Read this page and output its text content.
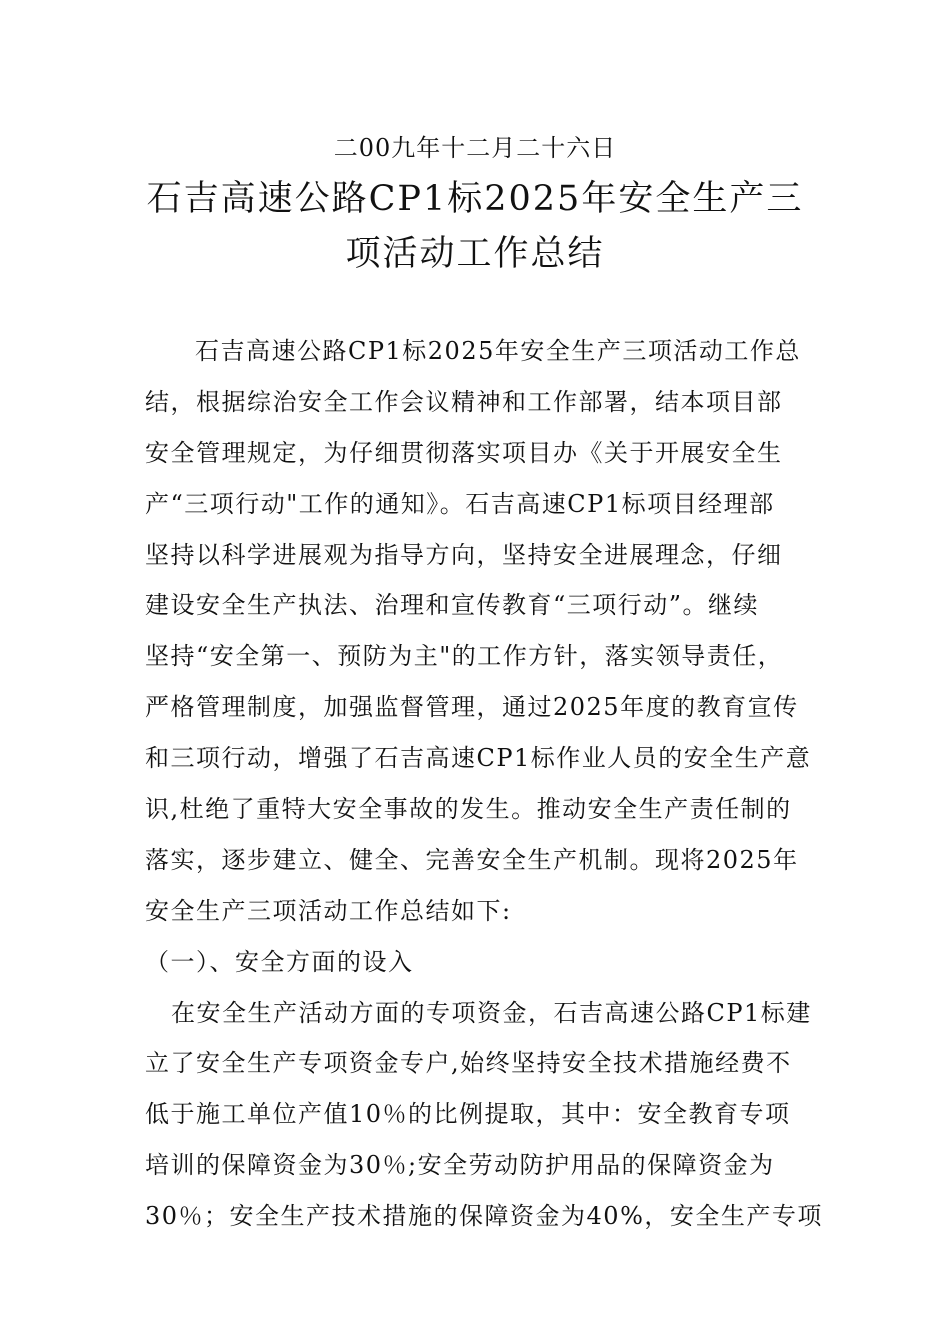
二00九年十二月二十六日
石吉高速公路CP1标2025年安全生产三
项活动工作总结
石吉高速公路CP1标2025年安全生产三项活动工作总
结，根据综治安全工作会议精神和工作部署，结本项目部
安全管理规定，为仔细贯彻落实项目办《关于开展安全生
产“三项行动"工作的通知》。石吉高速CP1标项目经理部
坚持以科学进展观为指导方向，坚持安全进展理念，仔细
建设安全生产执法、治理和宣传教育“三项行动”。继续
坚持“安全第一、预防为主"的工作方针，落实领导责任，
严格管理制度，加强监督管理，通过2025年度的教育宣传
和三项行动，增强了石吉高速CP1标作业人员的安全生产意
识,杜绝了重特大安全事故的发生。推动安全生产责任制的
落实，逐步建立、健全、完善安全生产机制。现将2025年
安全生产三项活动工作总结如下:
（一）、安全方面的设入
在安全生产活动方面的专项资金，石吉高速公路CP1标建
立了安全生产专项资金专户,始终坚持安全技术措施经费不
低于施工单位产值10％的比例提取，其中：安全教育专项
培训的保障资金为30％;安全劳动防护用品的保障资金为
30％；安全生产技术措施的保障资金为40%，安全生产专项
